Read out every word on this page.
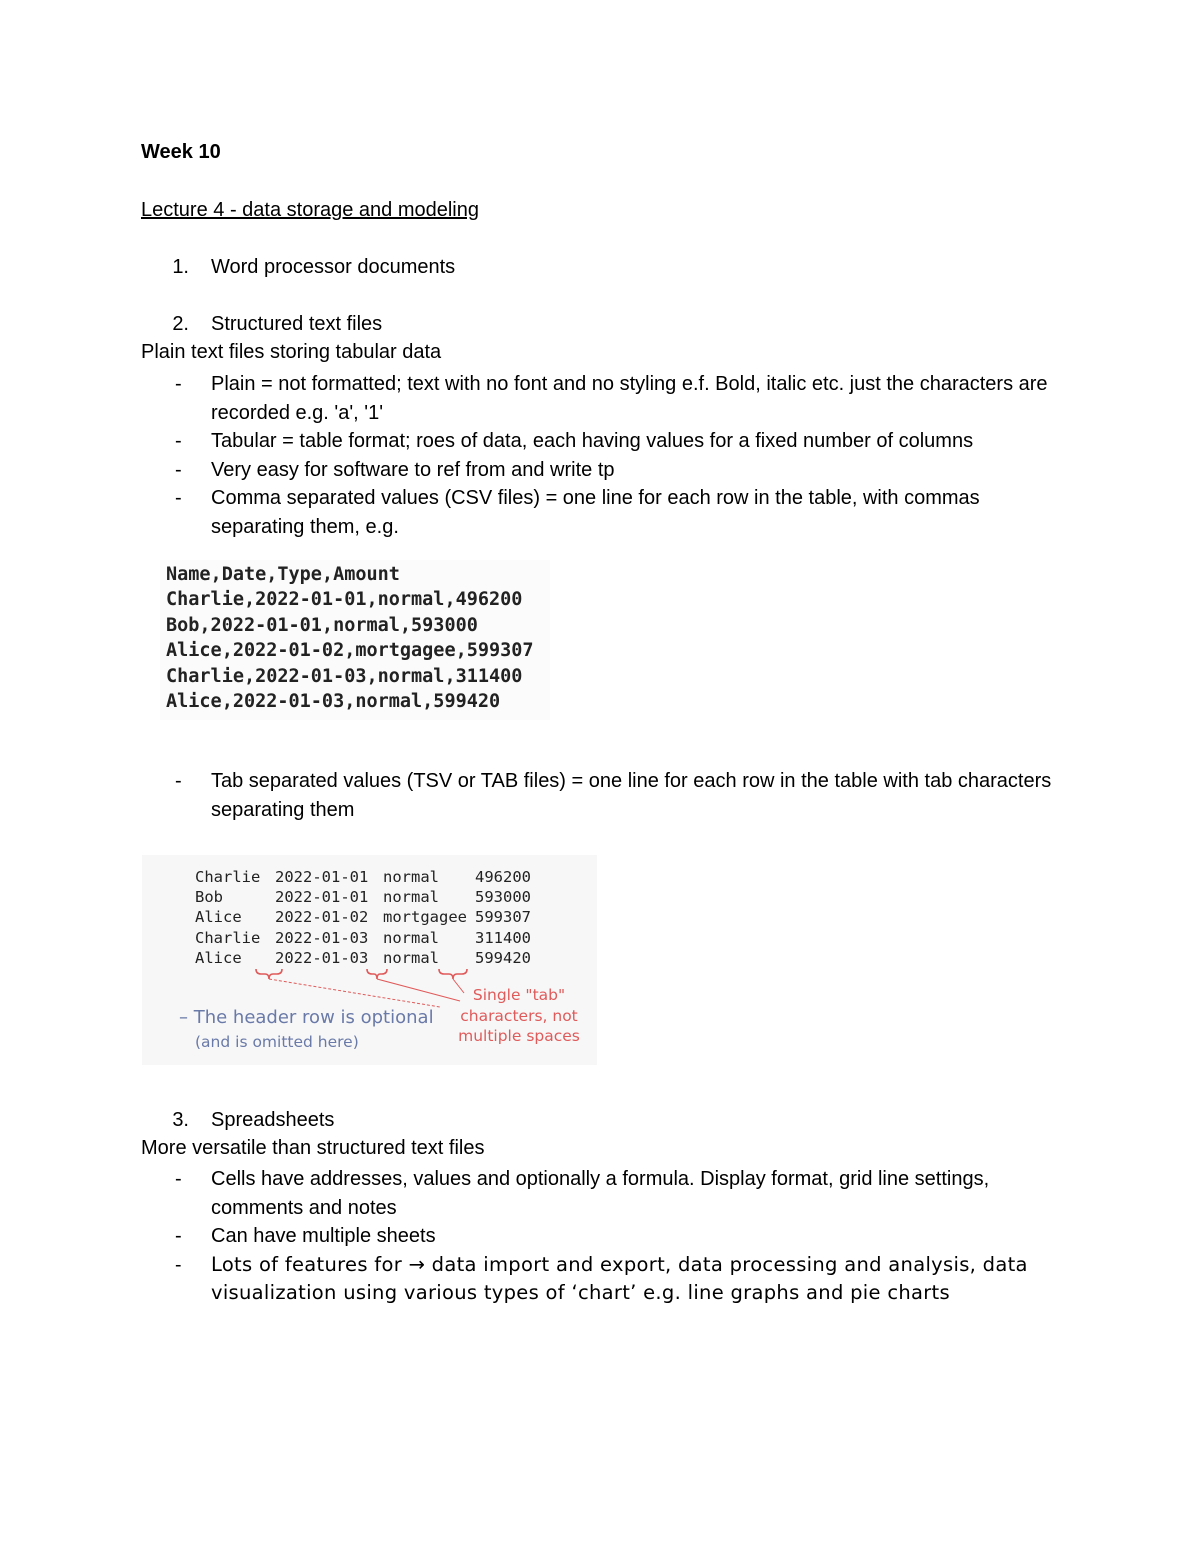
Week 10
Lecture 4 - data storage and modeling
1. Word processor documents
2. Structured text files
Plain text files storing tabular data
- Plain = not formatted; text with no font and no styling e.f. Bold, italic etc. just the characters are recorded e.g. 'a', '1'
- Tabular = table format; roes of data, each having values for a fixed number of columns
- Very easy for software to ref from and write tp
- Comma separated values (CSV files) = one line for each row in the table, with commas separating them, e.g.
Name,Date,Type,Amount
Charlie,2022-01-01,normal,496200
Bob,2022-01-01,normal,593000
Alice,2022-01-02,mortgagee,599307
Charlie,2022-01-03,normal,311400
Alice,2022-01-03,normal,599420
- Tab separated values (TSV or TAB files) = one line for each row in the table with tab characters separating them
Charlie 2022-01-01 normal 496200
Bob	2022-01-01 normal 593000
Alice 2022-01-02 mortgagee 599307
Charlie 2022-01-03 normal 311400
Alice 2022-01-03 normal 599420
– The header row is optional
(and is omitted here)
Single "tab" characters, not multiple spaces
3. Spreadsheets
More versatile than structured text files
- Cells have addresses, values and optionally a formula. Display format, grid line settings, comments and notes
- Can have multiple sheets
- Lots of features for → data import and export, data processing and analysis, data visualization using various types of ‘chart’ e.g. line graphs and pie charts
